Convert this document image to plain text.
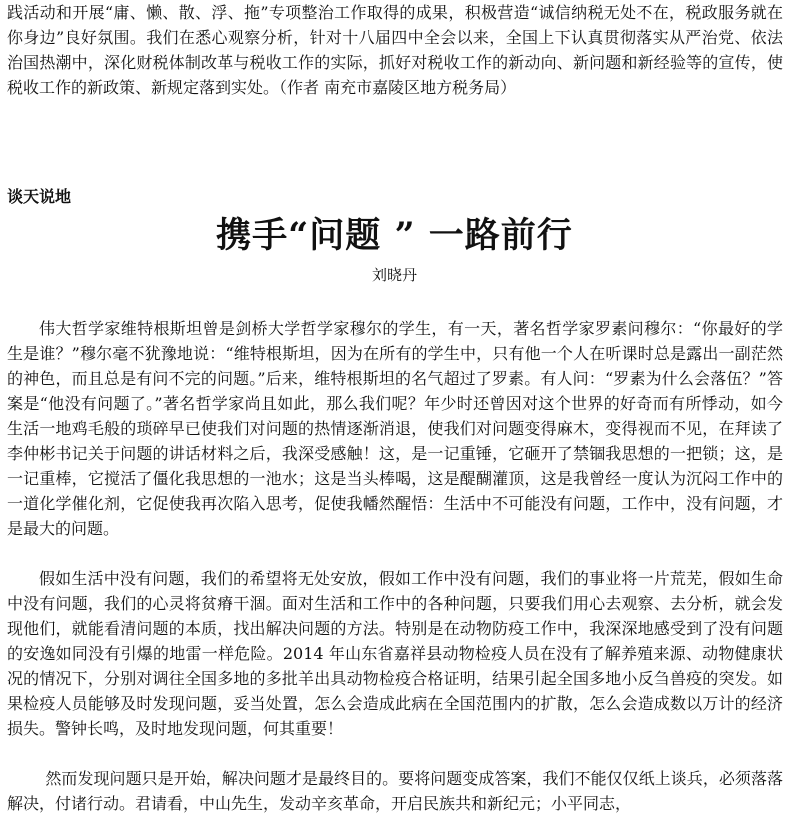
践活动和开展“庸、懒、散、浮、拖”专项整治工作取得的成果，积极营造“诚信纳税无处不在，税政服务就在你身边”良好氛围。我们在悉心观察分析，针对十八届四中全会以来，全国上下认真贯彻落实从严治党、依法治国热潮中，深化财税体制改革与税收工作的实际，抓好对税收工作的新动向、新问题和新经验等的宣传，使税收工作的新政策、新规定落到实处。（作者 南充市嘉陵区地方税务局）

谈天说地
携手“问题 ” 一路前行

刘晓丹

伟大哲学家维特根斯坦曾是剑桥大学哲学家穆尔的学生，有一天，著名哲学家罗素问穆尔：“你最好的学生是谁？”穆尔毫不犹豫地说：“维特根斯坦，因为在所有的学生中，只有他一个人在听课时总是露出一副茫然的神色，而且总是有问不完的问题。”后来，维特根斯坦的名气超过了罗素。有人问：“罗素为什么会落伍？”答案是“他没有问题了。”著名哲学家尚且如此，那么我们呢？年少时还曾因对这个世界的好奇而有所悸动，如今生活一地鸡毛般的琐碎早已使我们对问题的热情逐渐消退，使我们对问题变得麻木，变得视而不见，在拜读了李仲彬书记关于问题的讲话材料之后，我深受感触！这，是一记重锤，它砸开了禁锢我思想的一把锁；这，是一记重棒，它搅活了僵化我思想的一池水；这是当头棒喝，这是醍醐灌顶，这是我曾经一度认为沉闷工作中的一道化学催化剂，它促使我再次陷入思考，促使我幡然醒悟：生活中不可能没有问题，工作中，没有问题，才是最大的问题。

假如生活中没有问题，我们的希望将无处安放，假如工作中没有问题，我们的事业将一片荒芜，假如生命中没有问题，我们的心灵将贫瘠干涸。面对生活和工作中的各种问题，只要我们用心去观察、去分析，就会发现他们，就能看清问题的本质，找出解决问题的方法。特别是在动物防疫工作中，我深深地感受到了没有问题的安逸如同没有引爆的地雷一样危险。2014 年山东省嘉祥县动物检疫人员在没有了解养殖来源、动物健康状况的情况下，分别对调往全国多地的多批羊出具动物检疫合格证明，结果引起全国多地小反刍兽疫的突发。如果检疫人员能够及时发现问题，妥当处置，怎么会造成此病在全国范围内的扩散，怎么会造成数以万计的经济损失。警钟长鸣，及时地发现问题，何其重要！

然而发现问题只是开始，解决问题才是最终目的。要将问题变成答案，我们不能仅仅纸上谈兵，必须落落解决，付诸行动。君请看，中山先生，发动辛亥革命，开启民族共和新纪元；小平同志，
